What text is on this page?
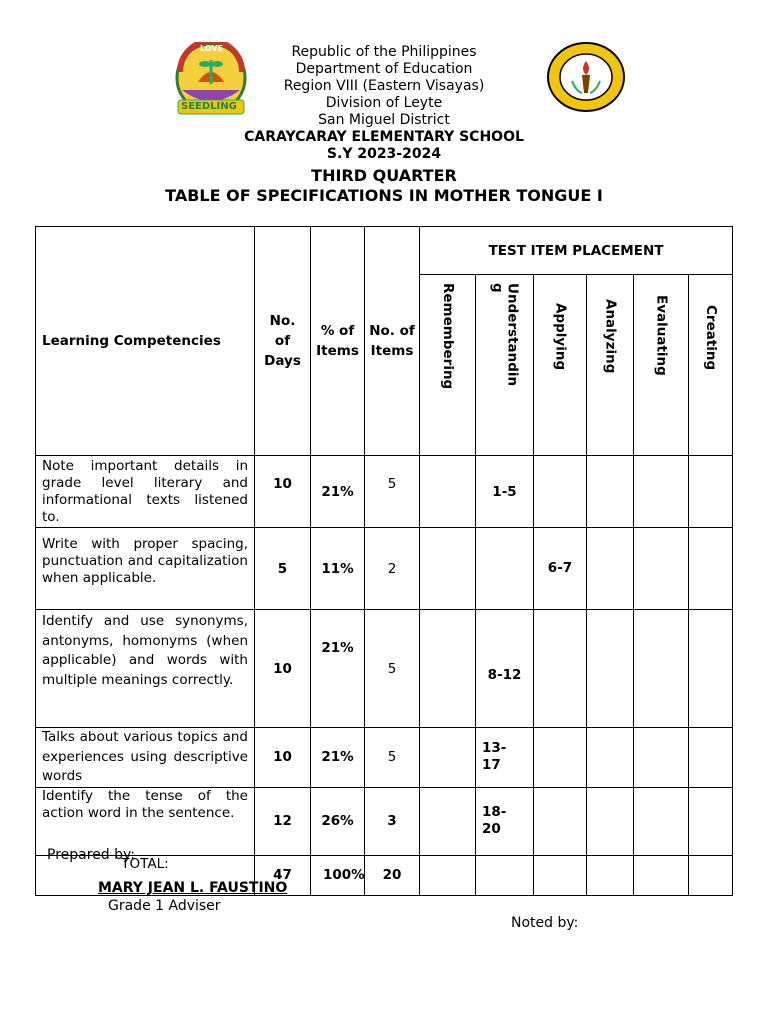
LOVE
SEEDLING
Republic of the Philippines
Department of Education
Region VIII (Eastern Visayas)
Division of Leyte
San Miguel District
CARAYCARAY ELEMENTARY SCHOOL
S.Y 2023-2024
THIRD QUARTER
TABLE OF SPECIFICATIONS IN MOTHER TONGUE I
Learning Competencies	No. of Days	% of Items	No. of Items	TEST ITEM PLACEMENT					

				Remembering	Understanding	Applying	Analyzing	Evaluating	Creating

Note important details in grade level literary and informational texts listened to.	10	21%	5		1-5				
Write with proper spacing, punctuation and capitalization when applicable.	5	11%	2			6-7			
Identify and use synonyms, antonyms, homonyms (when applicable) and words with multiple meanings correctly.	10	21%	5		8-12				
Talks about various topics and experiences using descriptive words	10	21%	5		13-17				
Identify the tense of the action word in the sentence.	12	26%	3		18-20				
TOTAL:	47	100%	20						
Prepared by:
MARY JEAN L. FAUSTINO
Grade 1 Adviser
Noted by:
